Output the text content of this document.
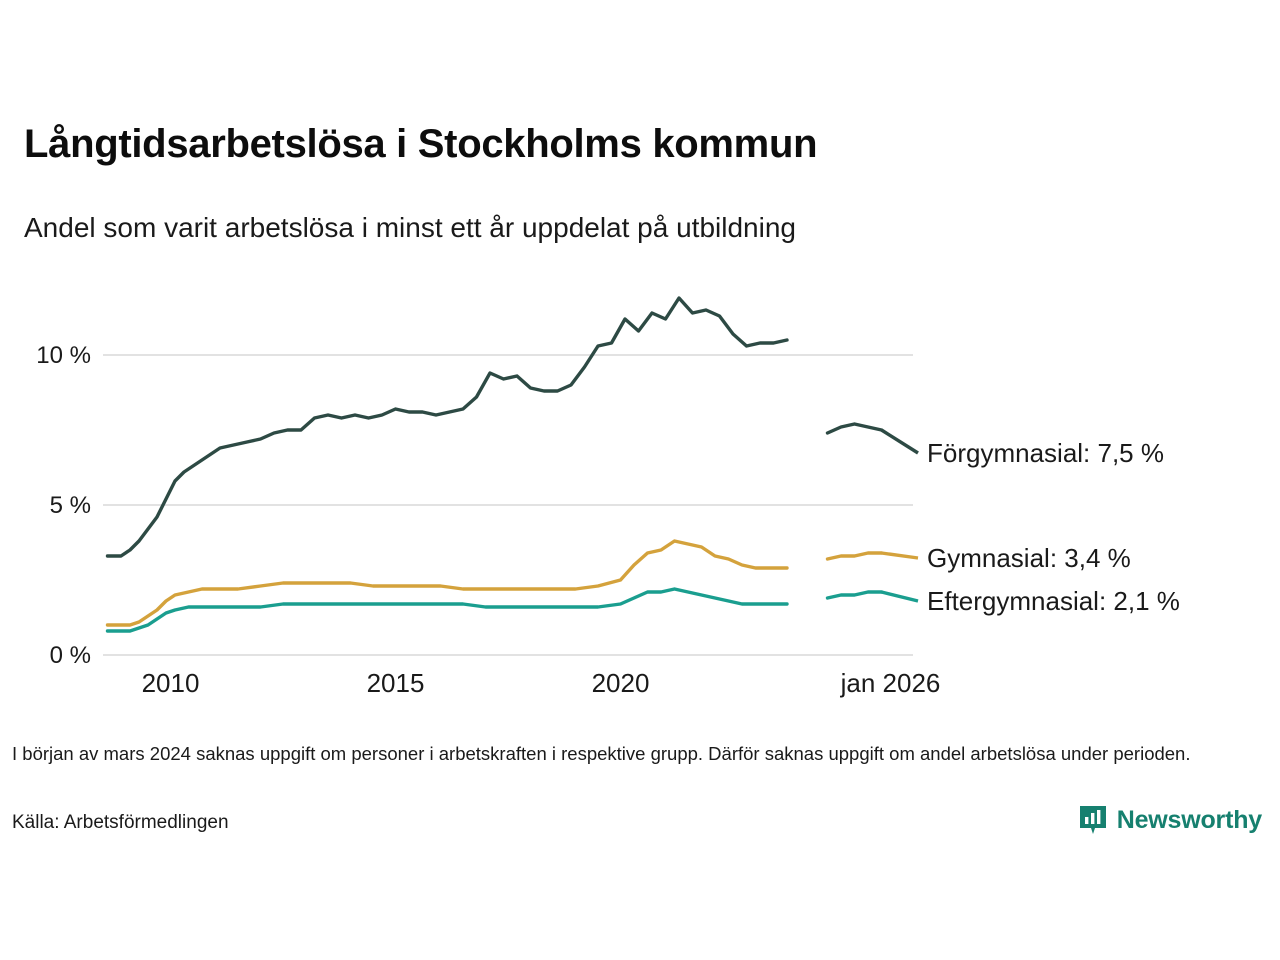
Långtidsarbetslösa i Stockholms kommun
Andel som varit arbetslösa i minst ett år uppdelat på utbildning
0 %
5 %
10 %
2010	2015	2020	jan 2026
Förgymnasial: 7,5 %
Gymnasial: 3,4 %
Eftergymnasial: 2,1 %
I början av mars 2024 saknas uppgift om personer i arbetskraften i respektive grupp. Därför saknas uppgift om andel arbetslösa under perioden.
Källa: Arbetsförmedlingen	Newsworthy
